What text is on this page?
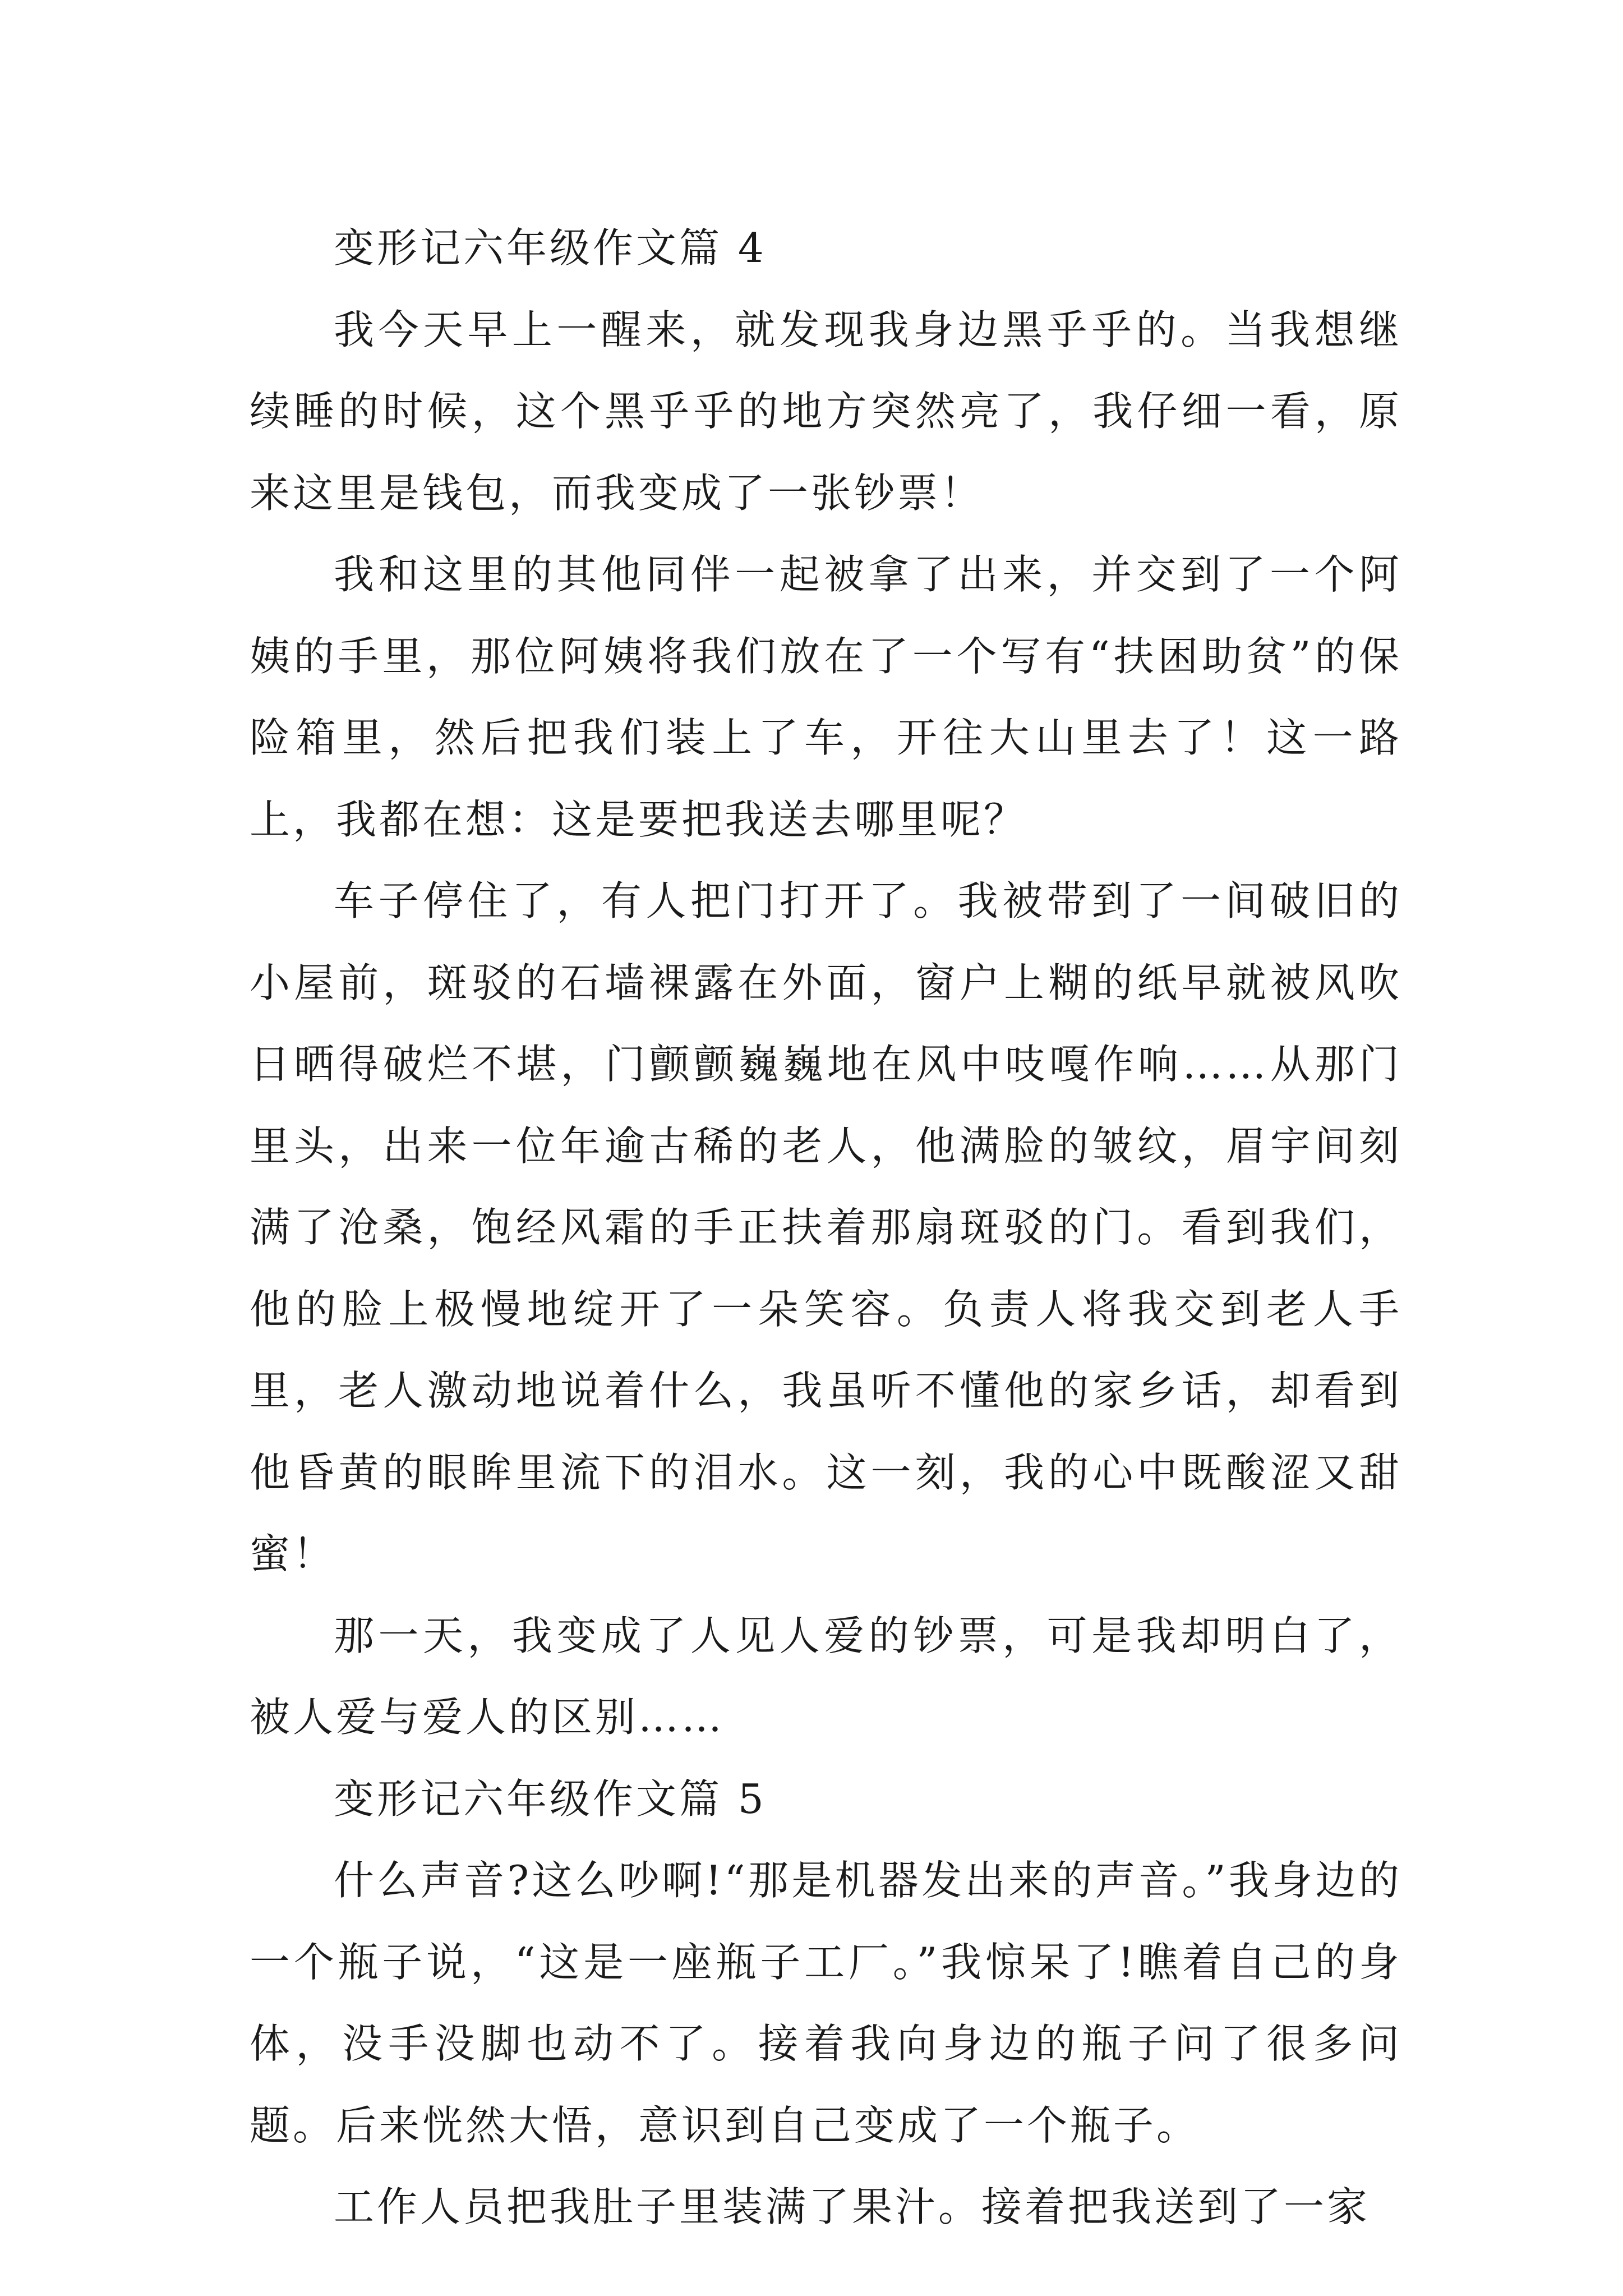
变形记六年级作文篇 4

我今天早上一醒来，就发现我身边黑乎乎的。当我想继续睡的时候，这个黑乎乎的地方突然亮了，我仔细一看，原来这里是钱包，而我变成了一张钞票！

我和这里的其他同伴一起被拿了出来，并交到了一个阿姨的手里，那位阿姨将我们放在了一个写有“扶困助贫”的保险箱里，然后把我们装上了车，开往大山里去了！这一路上，我都在想：这是要把我送去哪里呢？

车子停住了，有人把门打开了。我被带到了一间破旧的小屋前，斑驳的石墙裸露在外面，窗户上糊的纸早就被风吹日晒得破烂不堪，门颤颤巍巍地在风中吱嘎作响……从那门里头，出来一位年逾古稀的老人，他满脸的皱纹，眉宇间刻满了沧桑，饱经风霜的手正扶着那扇斑驳的门。看到我们，他的脸上极慢地绽开了一朵笑容。负责人将我交到老人手里，老人激动地说着什么，我虽听不懂他的家乡话，却看到他昏黄的眼眸里流下的泪水。这一刻，我的心中既酸涩又甜蜜！

那一天，我变成了人见人爱的钞票，可是我却明白了，被人爱与爱人的区别……

变形记六年级作文篇 5

什么声音?这么吵啊!“那是机器发出来的声音。”我身边的一个瓶子说，“这是一座瓶子工厂。”我惊呆了!瞧着自己的身体，没手没脚也动不了。接着我向身边的瓶子问了很多问题。后来恍然大悟，意识到自己变成了一个瓶子。

工作人员把我肚子里装满了果汁。接着把我送到了一家
